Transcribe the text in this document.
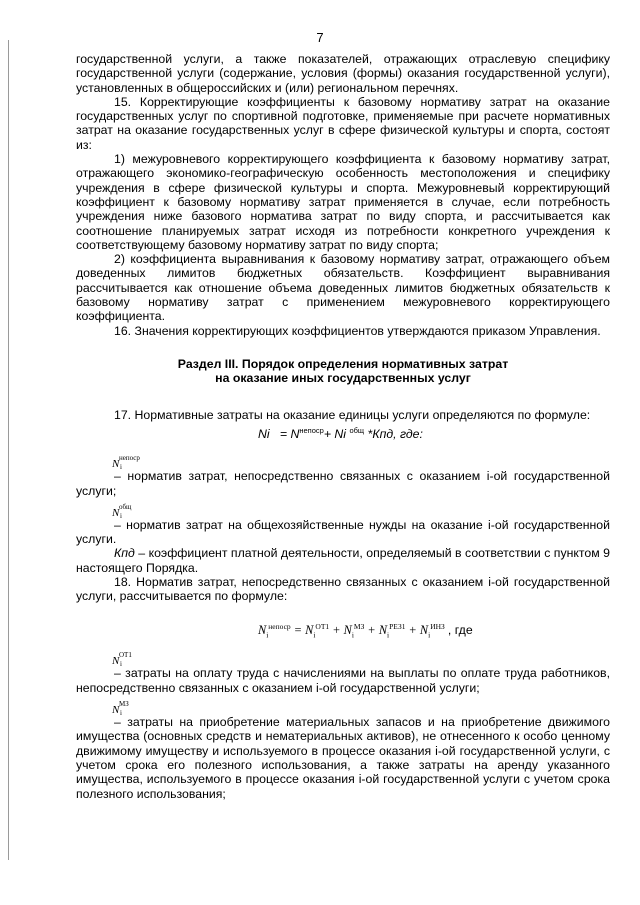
7

государственной услуги, а также показателей, отражающих отраслевую специфику государственной услуги (содержание, условия (формы) оказания государственной услуги), установленных в общероссийских и (или) региональном перечнях.

15. Корректирующие коэффициенты к базовому нормативу затрат на оказание государственных услуг по спортивной подготовке, применяемые при расчете нормативных затрат на оказание государственных услуг в сфере физической культуры и спорта, состоят из:

1) межуровневого корректирующего коэффициента к базовому нормативу затрат, отражающего экономико-географическую особенность местоположения и специфику учреждения в сфере физической культуры и спорта. Межуровневый корректирующий коэффициент к базовому нормативу затрат применяется в случае, если потребность учреждения ниже базового норматива затрат по виду спорта, и рассчитывается как соотношение планируемых затрат исходя из потребности конкретного учреждения к соответствующему базовому нормативу затрат по виду спорта;

2) коэффициента выравнивания к базовому нормативу затрат, отражающего объем доведенных лимитов бюджетных обязательств. Коэффициент выравнивания рассчитывается как отношение объема доведенных лимитов бюджетных обязательств к базовому нормативу затрат с применением межуровневого корректирующего коэффициента.

16. Значения корректирующих коэффициентов утверждаются приказом Управления.

Раздел III. Порядок определения нормативных затрат
на оказание иных государственных услуг

17. Нормативные затраты на оказание единицы услуги определяются по формуле:

$Ni = N^{непоср}+ Ni$ $^{общ}$ *Кпд, где:
N непоср
i

– норматив затрат, непосредственно связанных с оказанием i-ой государственной услуги;

N общ
i

– норматив затрат на общехозяйственные нужды на оказание i-ой государственной услуги.

Кпд – коэффициент платной деятельности, определяемый в соответствии с пунктом 9 настоящего Порядка.

18. Норматив затрат, непосредственно связанных с оказанием i-ой государственной услуги, рассчитывается по формуле:

$N_i^{непоср} = N_i^{ОТ1} + N_i^{МЗ} + N_i^{РЕЗ1} + N_i^{ИНЗ}$ , где
N ОТ1
i

– затраты на оплату труда с начислениями на выплаты по оплате труда работников, непосредственно связанных с оказанием i-ой государственной услуги;

N МЗ
i

– затраты на приобретение материальных запасов и на приобретение движимого имущества (основных средств и нематериальных активов), не отнесенного к особо ценному движимому имуществу и используемого в процессе оказания i-ой государственной услуги, с учетом срока его полезного использования, а также затраты на аренду указанного имущества, используемого в процессе оказания i-ой государственной услуги с учетом срока полезного использования;
